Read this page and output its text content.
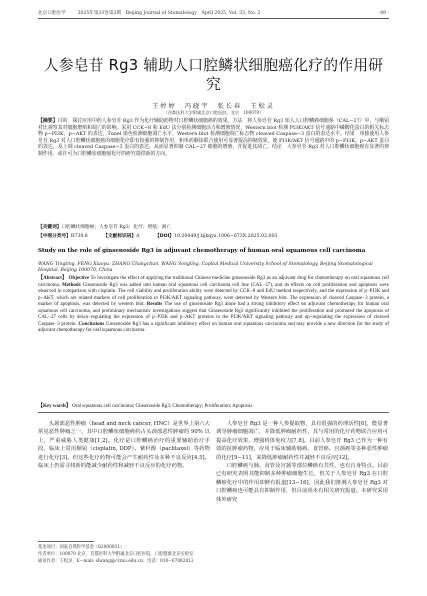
北京口腔医学	2025年第33卷第2期　Beijing Journal of Stomatology　April 2025, Vol. 33, No. 2	· 89 ·
人参皂苷 Rg3 辅助人口腔鳞状细胞癌化疗的作用研究
王婷婷　冯晓宇　张长春　王松灵
（首都医科大学附属北京口腔医院，北京　100070）
【摘要】目的　探讨应用中药人参皂苷 Rg3 作为化疗辅助药物对口腔鳞状细胞癌的效果。方法　将人参皂苷 Rg3 加入人口腔鳞癌细胞系（CAL−27）中，与顺铂对比观察其对细胞增殖和凋亡的影响。采用 CCK−8 和 EdU 法分别检测细胞活力和增殖情况，Western blot 检测 PI3K/AKT 信号通路中磷酸化蛋白的相关标志物 p−PI3K、p−AKT 的表达，Tunel 染色检测细胞凋亡水平，Western blot 检测细胞凋亡标志物 cleaved Caspase−3 蛋白的表达水平。结果　单独使用人参皂苷 Rg3 对人口腔鳞状细胞癌的细胞化疗即有较强的抑制作用，和单药顺铂联合使用可显著提高抑制效果，使 PI3K/AKT 信号通路中的 p−PI3K、p−AKT 蛋白的表达，及上调 cleaved Caspase−3 蛋白的表达，从而显著抑制 CAL−27 细胞的增殖，并促进其凋亡。结论　人参皂苷 Rg3 对人口腔鳞状细胞癌有显著的抑制作用，或许可为口腔鳞状细胞癌化疗的研究提供新的方向。
【关键词】口腔鳞状细胞癌；人参皂苷 Rg3；化疗；增殖；凋亡
【中图分类号】R739.8	【文献标识码】A	【DOI】10.20049/j.bjkqyx.1006−673X.2025.02.003
Study on the role of ginsenoside Rg3 in adjuvant chemotherapy of human oral squamous cell carcinoma
WANG Tingting, FENG Xiaoyu, ZHANG Changchun, WANG Songling. Capital Medical University School of Stomatology, Beijing Stomatological Hospital, Beijing 100070, China
【Abstract】 Objective To investigate the effect of applying the traditional Chinese medicine ginsenoside Rg3 as an adjuvant drug for chemotherapy on oral squamous cell carcinoma. Methods Ginsenoside Rg3 was added into human oral squamous cell carcinoma cell line (CAL−27), and its effects on cell proliferation and apoptosis were observed in comparison with cisplatin. The cell viability and proliferation ability were detected by CCK−8 and EdU method respectively, and the expression of p−PI3K and p−AKT, which are related markers of cell proliferation in PI3K/AKT signaling pathway, were detected by Western blot. The expression of cleaved Caspase−3 protein, a marker of apoptosis, was detected by western blot. Results The use of ginsenoside Rg3 alone had a strong inhibitory effect on adjuvant chemotherapy for human oral squamous cell carcinoma, and preliminary mechanistic investigations suggest that Ginsenoside Rg3 significantly inhibited the proliferation and promoted the apoptosis of CAL−27 cells by down−regulating the expression of p−PI3K and p−AKT proteins in the PI3K/AKT signaling pathway and up−regulating the expression of cleaved Caspase−3 protein. Conclusions Ginsenoside Rg3 has a significant inhibitory effect on human oral squamous carcinoma and may provide a new direction for the study of adjuvant chemotherapy for oral squamous carcinoma.
【Key words】 Oral squamous cell carcinoma; Ginsenoside Rg3; Chemotherapy; Proliferation; Apoptosis
头颈部恶性肿瘤（head and neck cancer, HNC）是世界上第六大常见恶性肿瘤之一，其中口腔鳞状细胞癌约占头颈部恶性肿瘤的 90% 以上，严重威胁人类健康[1,2]。化疗是口腔鳞癌治疗的重要辅助治疗手段，临床上常用顺铂（cisplatin, DDP）、紫杉醇（paclitaxel）等药物进行化疗[3]，但这些化疗药物可能会产生耐药性及多种不良反应[4,5]。临床上仍需寻找新的能减少耐药性和减轻不良反应的化疗药物。
人参皂苷 Rg3 是一种人参提取物，具有很强的药理活性[6]，能显著诱导肿瘤细胞凋亡，并降低肿瘤耐药性，其与常用的化疗药物联合应用可提高化疗效果，增强机体免疫力[7,8]。目前人参皂苷 Rg3 已作为一种有效的抗肿瘤药物，应用于临床辅助肺癌、食管癌、宫颈癌等多种恶性肿瘤的化疗[9−11]，来降低肿瘤耐药性并减轻不良反应[12]。
口腔鳞癌与肺、食管及宫颈等部位鳞癌有共性，也有自身特点。目前已有研究表明其能抑制多种肿瘤细胞生长，但关于人参皂苷 Rg3 在口腔鳞癌化疗中的作用却鲜有报道[13−16]，因此我们推测人参皂苷 Rg3 对口腔鳞癌也可能具有抑制作用，但目前尚未有相关研究报道。本研究采用体外研究
基金项目：国家自然科学基金（82000831）
作者单位：100070 北京，首都医科大学附属北京口腔医院，口腔健康北京实验室
通讯作者：王松灵，E−mail: slwang@ccmu.edu.cn；电话：010−67062012
